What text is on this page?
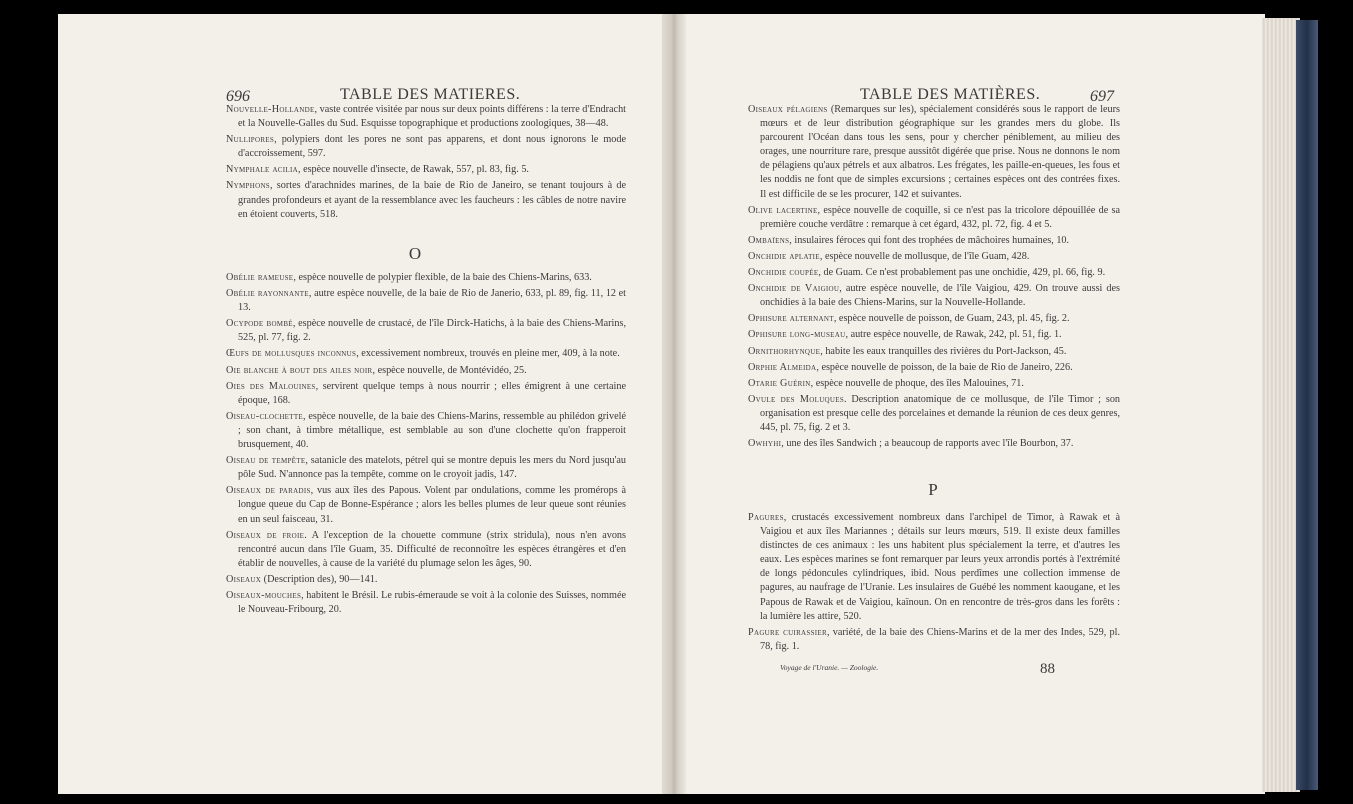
696	TABLE DES MATIERES.
Nouvelle-Hollande, vaste contrée visitée par nous sur deux points différens : la terre d'Endracht et la Nouvelle-Galles du Sud. Esquisse topographique et productions zoologiques, 38—48.
Nullipores, polypiers dont les pores ne sont pas apparens, et dont nous ignorons le mode d'accroissement, 597.
Nymphale acilia, espèce nouvelle d'insecte, de Rawak, 557, pl. 83, fig. 5.
Nymphons, sortes d'arachnides marines, de la baie de Rio de Janeiro, se tenant toujours à de grandes profondeurs et ayant de la ressemblance avec les faucheurs : les câbles de notre navire en étoient couverts, 518.
O
Obélie rameuse, espèce nouvelle de polypier flexible, de la baie des Chiens-Marins, 633.
Obélie rayonnante, autre espèce nouvelle, de la baie de Rio de Janerio, 633, pl. 89, fig. 11, 12 et 13.
Ocypode bombé, espèce nouvelle de crustacé, de l'île Dirck-Hatichs, à la baie des Chiens-Marins, 525, pl. 77, fig. 2.
Œufs de mollusques inconnus, excessivement nombreux, trouvés en pleine mer, 409, à la note.
Oie blanche à bout des ailes noir, espèce nouvelle, de Montévidéo, 25.
Oies des Malouines, servirent quelque temps à nous nourrir ; elles émigrent à une certaine époque, 168.
Oiseau-clochette, espèce nouvelle, de la baie des Chiens-Marins, ressemble au philédon grivelé ; son chant, à timbre métallique, est semblable au son d'une clochette qu'on frapperoit brusquement, 40.
Oiseau de tempête, satanicle des matelots, pétrel qui se montre depuis les mers du Nord jusqu'au pôle Sud. N'annonce pas la tempête, comme on le croyoit jadis, 147.
Oiseaux de paradis, vus aux îles des Papous. Volent par ondulations, comme les promérops à longue queue du Cap de Bonne-Espérance ; alors les belles plumes de leur queue sont réunies en un seul faisceau, 31.
Oiseaux de froie. A l'exception de la chouette commune (strix stridula), nous n'en avons rencontré aucun dans l'île Guam, 35. Difficulté de reconnoître les espèces étrangères et d'en établir de nouvelles, à cause de la variété du plumage selon les âges, 90.
Oiseaux (Description des), 90—141.
Oiseaux-mouches, habitent le Brésil. Le rubis-émeraude se voit à la colonie des Suisses, nommée le Nouveau-Fribourg, 20.
TABLE DES MATIÈRES.	697
Oiseaux pélagiens (Remarques sur les), spécialement considérés sous le rapport de leurs mœurs et de leur distribution géographique sur les grandes mers du globe. Ils parcourent l'Océan dans tous les sens, pour y chercher péniblement, au milieu des orages, une nourriture rare, presque aussitôt digérée que prise. Nous ne donnons le nom de pélagiens qu'aux pétrels et aux albatros. Les frégates, les paille-en-queues, les fous et les noddis ne font que de simples excursions ; certaines espèces ont des contrées fixes. Il est difficile de se les procurer, 142 et suivantes.
Olive lacertine, espèce nouvelle de coquille, si ce n'est pas la tricolore dépouillée de sa première couche verdâtre : remarque à cet égard, 432, pl. 72, fig. 4 et 5.
Ombaïens, insulaires féroces qui font des trophées de mâchoires humaines, 10.
Onchidie aplatie, espèce nouvelle de mollusque, de l'île Guam, 428.
Onchidie coupée, de Guam. Ce n'est probablement pas une onchidie, 429, pl. 66, fig. 9.
Onchidie de Vaigiou, autre espèce nouvelle, de l'île Vaigiou, 429. On trouve aussi des onchidies à la baie des Chiens-Marins, sur la Nouvelle-Hollande.
Ophisure alternant, espèce nouvelle de poisson, de Guam, 243, pl. 45, fig. 2.
Ophisure long-museau, autre espèce nouvelle, de Rawak, 242, pl. 51, fig. 1.
Ornithorhynque, habite les eaux tranquilles des rivières du Port-Jackson, 45.
Orphie Almeida, espèce nouvelle de poisson, de la baie de Rio de Janeiro, 226.
Otarie Guérin, espèce nouvelle de phoque, des îles Malouines, 71.
Ovule des Moluques. Description anatomique de ce mollusque, de l'île Timor ; son organisation est presque celle des porcelaines et demande la réunion de ces deux genres, 445, pl. 75, fig. 2 et 3.
Owhyhi, une des îles Sandwich ; a beaucoup de rapports avec l'île Bourbon, 37.
P
Pagures, crustacés excessivement nombreux dans l'archipel de Timor, à Rawak et à Vaigiou et aux îles Mariannes ; détails sur leurs mœurs, 519. Il existe deux familles distinctes de ces animaux : les uns habitent plus spécialement la terre, et d'autres les eaux. Les espèces marines se font remarquer par leurs yeux arrondis portés à l'extrémité de longs pédoncules cylindriques, ibid. Nous perdîmes une collection immense de pagures, au naufrage de l'Uranie. Les insulaires de Guébé les nomment kaougane, et les Papous de Rawak et de Vaigiou, kaïnoun. On en rencontre de très-gros dans les forêts : la lumière les attire, 520.
Pagure cuirassier, variété, de la baie des Chiens-Marins et de la mer des Indes, 529, pl. 78, fig. 1.
Voyage de l'Uranie. — Zoologie.	88
